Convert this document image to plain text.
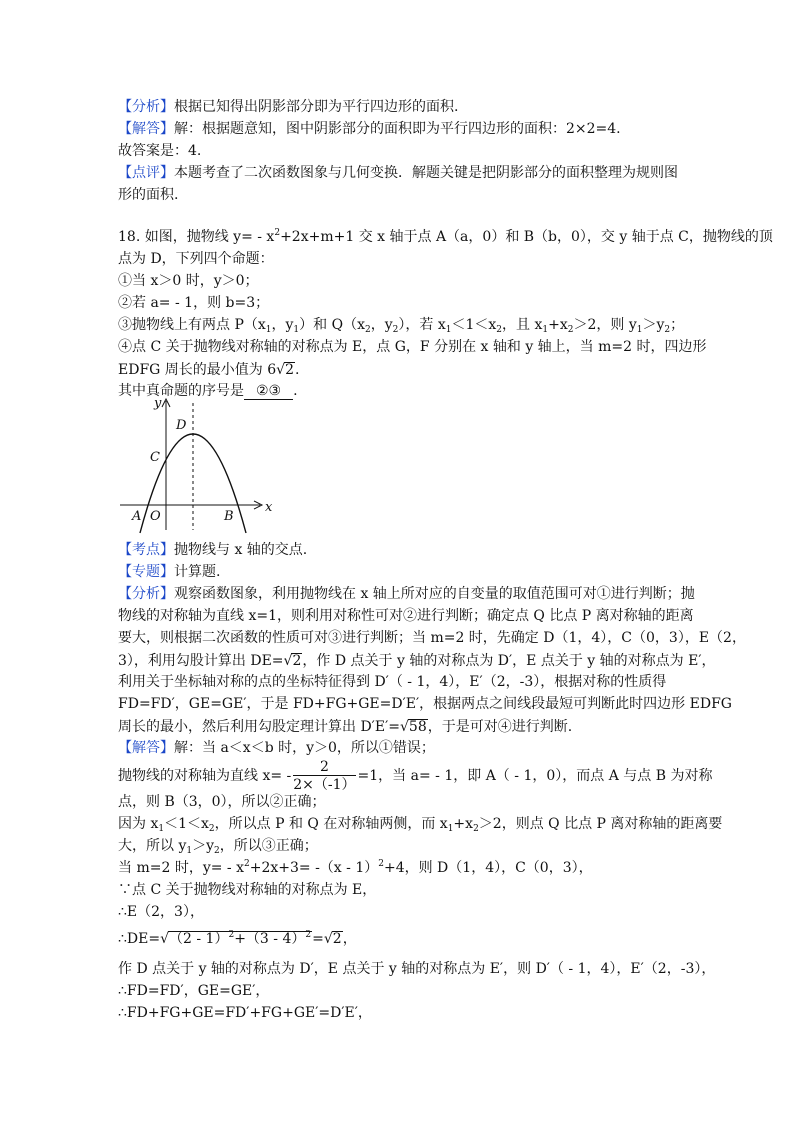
【分析】根据已知得出阴影部分即为平行四边形的面积.
【解答】解：根据题意知，图中阴影部分的面积即为平行四边形的面积：2×2=4.
故答案是：4.
【点评】本题考查了二次函数图象与几何变换．解题关键是把阴影部分的面积整理为规则图
形的面积.
18. 如图，抛物线 $y= - x^2+2x+m+1$ 交 x 轴于点 A（a，0）和 B（b，0），交 y 轴于点 C，抛物线的顶
点为 D，下列四个命题：
①当 x＞0 时，y＞0；
②若 a= - 1，则 b=3；
③抛物线上有两点 $P(x_1$，$y_1$）和 $Q(x_2$，$y_2$），若 $x_1<1<x_2$，且 $x_1+x_2>2$，则 $y_1>y_2$；
④点 C 关于抛物线对称轴的对称点为 E，点 G，F 分别在 x 轴和 y 轴上，当 m=2 时，四边形
EDFG 周长的最小值为 6√2.
其中真命题的序号是 ②③ .
y
x
D
C
A O	B
【考点】抛物线与 x 轴的交点.
【专题】计算题.
【分析】观察函数图象，利用抛物线在 x 轴上所对应的自变量的取值范围可对①进行判断；抛
物线的对称轴为直线 x=1，则利用对称性可对②进行判断；确定点 Q 比点 P 离对称轴的距离
要大，则根据二次函数的性质可对③进行判断；当 m=2 时，先确定 D（1，4），C（0，3），E（2，
3），利用勾股计算出 DE=√2，作 D 点关于 y 轴的对称点为 D′，E 点关于 y 轴的对称点为 E′，
利用关于坐标轴对称的点的坐标特征得到 D′（ - 1，4），E′（2，-3），根据对称的性质得
FD=FD′，GE=GE′，于是 FD+FG+GE=D′E′，根据两点之间线段最短可判断此时四边形 EDFG
周长的最小，然后利用勾股定理计算出 D′E′=√58，于是可对④进行判断.
【解答】解：当 a＜x＜b 时，y＞0，所以①错误；
抛物线的对称轴为直线 $x= - \frac{2}{2\times(-1)} =1$，当 a= - 1，即 A（ - 1，0），而点 A 与点 B 为对称
点，则 B（3，0），所以②正确；
因为 $x_1<1<x_2$，所以点 P 和 Q 在对称轴两侧，而 $x_1+x_2>2$，则点 Q 比点 P 离对称轴的距离要
大，所以 $y_1>y_2$，所以③正确；
当 m=2 时，$y= - x^2+2x+3= -(x - 1)^2+4$，则 D（1，4），C（0，3），
∵点 C 关于抛物线对称轴的对称点为 E，
∴E（2，3），
∴DE=√（2 - 1）$^2$+（3 - 4）$^2$=√2，
作 D 点关于 y 轴的对称点为 D′，E 点关于 y 轴的对称点为 E′，则 D′（ - 1，4），E′（2，-3），
∴FD=FD′，GE=GE′，
∴FD+FG+GE=FD′+FG+GE′=D′E′，
